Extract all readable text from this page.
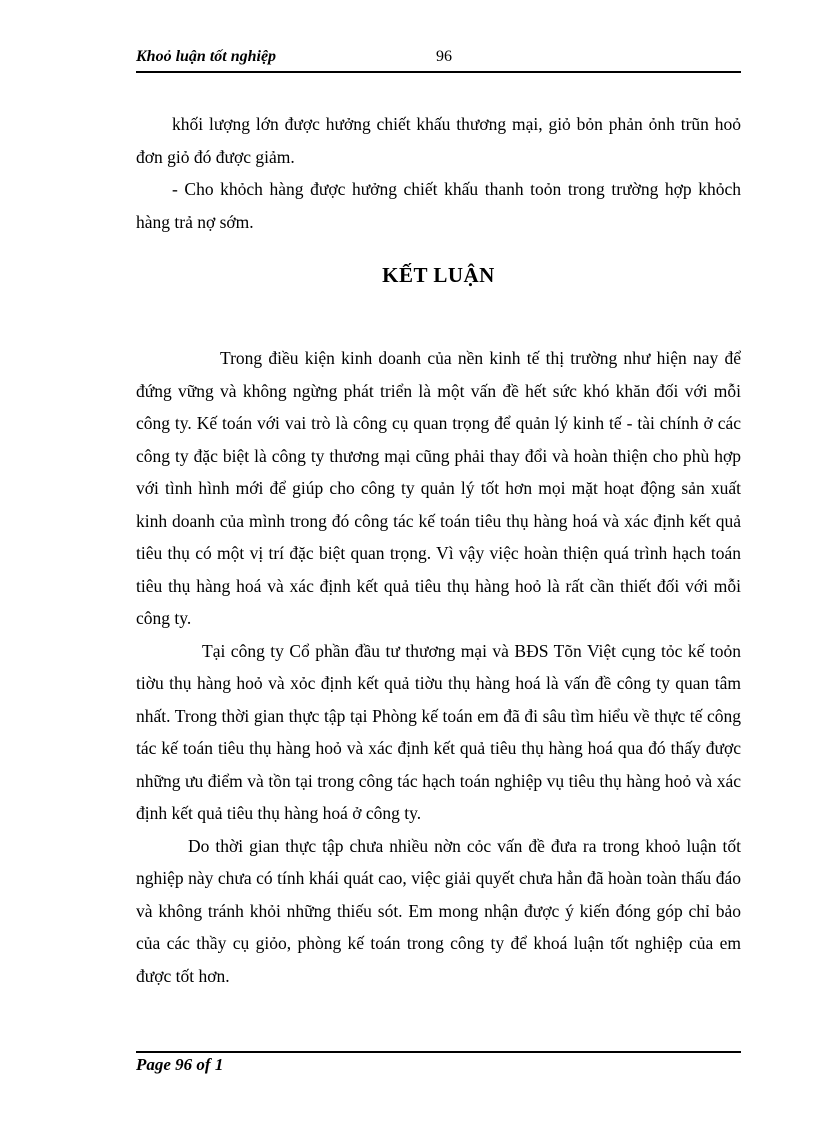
Khoỏ luận tốt nghiệp	96

khối lượng lớn được hưởng chiết khấu thương mại, giỏ bỏn phản ỏnh trũn hoỏ đơn giỏ đó được giảm.

- Cho khỏch hàng được hưởng chiết khấu thanh toỏn trong trường hợp khỏch hàng trả nợ sớm.

KẾT LUẬN

Trong điều kiện kinh doanh của nền kinh tế thị trường như hiện nay để đứng vững và không ngừng phát triển là một vấn đề hết sức khó khăn đối với mỗi công ty. Kế toán với vai trò là công cụ quan trọng để quản lý kinh tế - tài chính ở các công ty đặc biệt là công ty thương mại cũng phải thay đổi và hoàn thiện cho phù hợp với tình hình mới để giúp cho công ty quản lý tốt hơn mọi mặt hoạt động sản xuất kinh doanh của mình trong đó công tác kế toán tiêu thụ hàng hoá và xác định kết quả tiêu thụ có một vị trí đặc biệt quan trọng. Vì vậy việc hoàn thiện quá trình hạch toán tiêu thụ hàng hoá và xác định kết quả tiêu thụ hàng hoỏ là rất cần thiết đối với mỗi công ty.

Tại công ty Cổ phần đầu tư thương mại và BĐS Tõn Việt cụng tỏc kế toỏn tiờu thụ hàng hoỏ và xỏc định kết quả tiờu thụ hàng hoá là vấn đề công ty quan tâm nhất. Trong thời gian thực tập tại Phòng kế toán em đã đi sâu tìm hiểu về thực tế công tác kế toán tiêu thụ hàng hoỏ và xác định kết quả tiêu thụ hàng hoá qua đó thấy được những ưu điểm và tồn tại trong công tác hạch toán nghiệp vụ tiêu thụ hàng hoỏ và xác định kết quả tiêu thụ hàng hoá ở công ty.

Do thời gian thực tập chưa nhiều nờn cỏc vấn đề đưa ra trong khoỏ luận tốt nghiệp này chưa có tính khái quát cao, việc giải quyết chưa hẳn đã hoàn toàn thấu đáo và không tránh khỏi những thiếu sót. Em mong nhận được ý kiến đóng góp chỉ bảo của các thầy cụ giỏo, phòng kế toán trong công ty để khoá luận tốt nghiệp của em được tốt hơn.

Page 96 of 1
